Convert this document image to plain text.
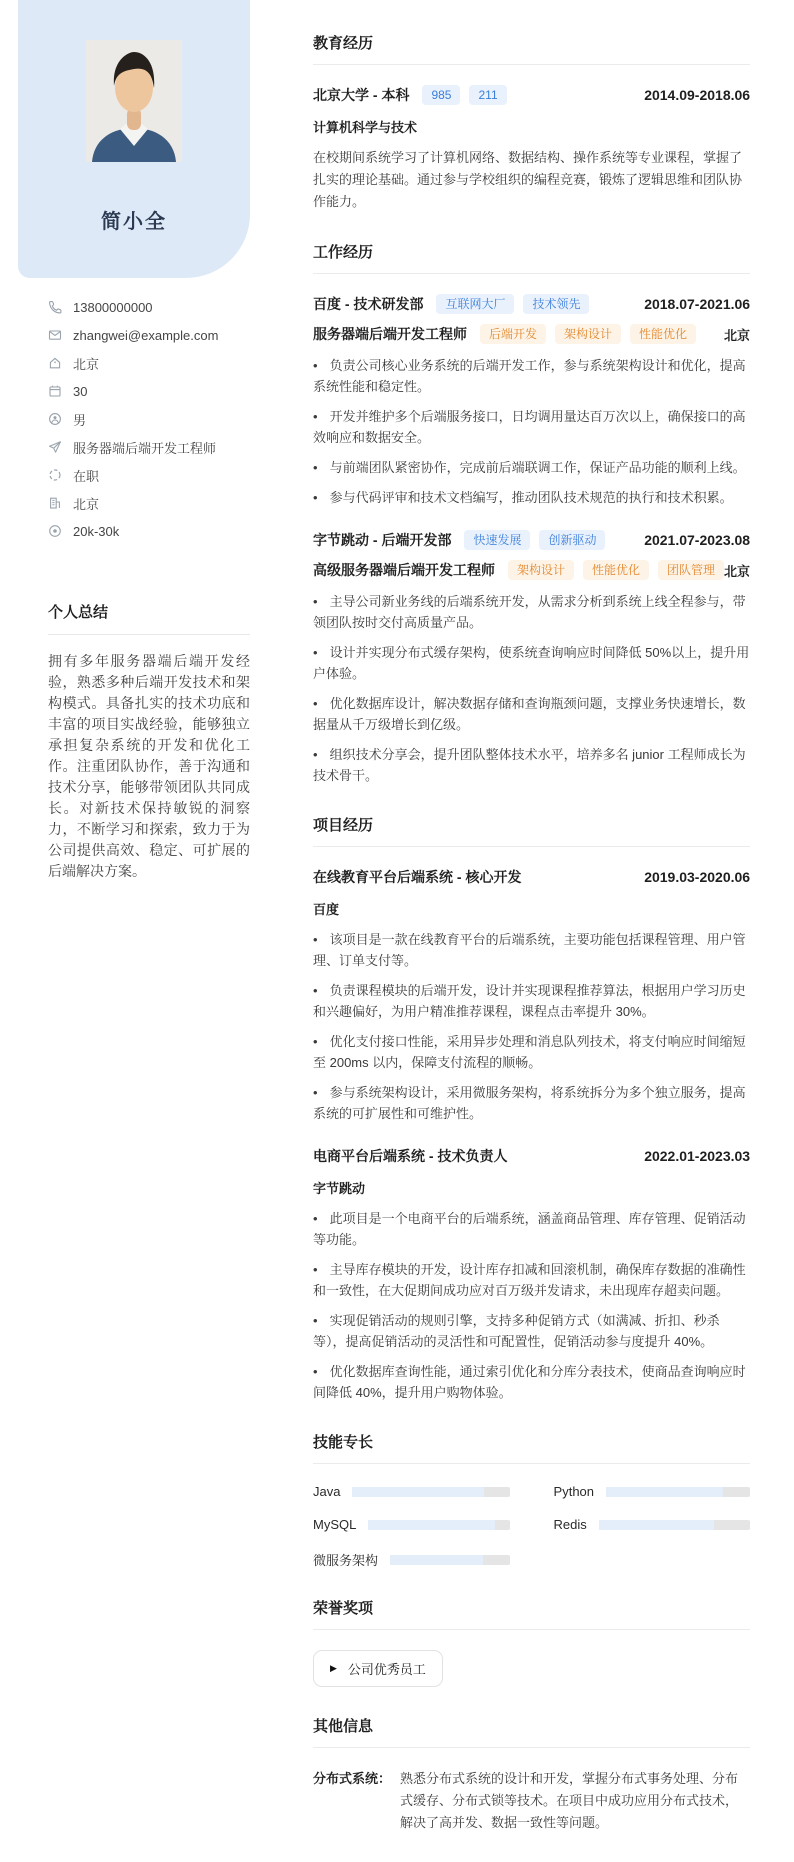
简小全
13800000000
zhangwei@example.com
北京
30
男
服务器端后端开发工程师
在职
北京
20k-30k
个人总结

拥有多年服务器端后端开发经验，熟悉多种后端开发技术和架构模式。具备扎实的技术功底和丰富的项目实战经验，能够独立承担复杂系统的开发和优化工作。注重团队协作，善于沟通和技术分享，能够带领团队共同成长。对新技术保持敏锐的洞察力，不断学习和探索，致力于为公司提供高效、稳定、可扩展的后端解决方案。

教育经历
北京大学 - 本科	985	211	2014.09-2018.06
计算机科学与技术

在校期间系统学习了计算机网络、数据结构、操作系统等专业课程，掌握了扎实的理论基础。通过参与学校组织的编程竞赛，锻炼了逻辑思维和团队协作能力。

工作经历
百度 - 技术研发部	互联网大厂	技术领先	2018.07-2021.06
服务器端后端开发工程师	后端开发	架构设计	性能优化	北京

• 负责公司核心业务系统的后端开发工作，参与系统架构设计和优化，提高系统性能和稳定性。

• 开发并维护多个后端服务接口，日均调用量达百万次以上，确保接口的高效响应和数据安全。

• 与前端团队紧密协作，完成前后端联调工作，保证产品功能的顺利上线。

• 参与代码评审和技术文档编写，推动团队技术规范的执行和技术积累。

字节跳动 - 后端开发部	快速发展	创新驱动	2021.07-2023.08
高级服务器端后端开发工程师	架构设计	性能优化	团队管理 北京

• 主导公司新业务线的后端系统开发，从需求分析到系统上线全程参与，带领团队按时交付高质量产品。

• 设计并实现分布式缓存架构，使系统查询响应时间降低 50%以上，提升用户体验。

• 优化数据库设计，解决数据存储和查询瓶颈问题，支撑业务快速增长，数据量从千万级增长到亿级。

• 组织技术分享会，提升团队整体技术水平，培养多名 junior 工程师成长为技术骨干。

项目经历
在线教育平台后端系统 - 核心开发	2019.03-2020.06
百度

• 该项目是一款在线教育平台的后端系统，主要功能包括课程管理、用户管理、订单支付等。

• 负责课程模块的后端开发，设计并实现课程推荐算法，根据用户学习历史和兴趣偏好，为用户精准推荐课程，课程点击率提升 30%。

• 优化支付接口性能，采用异步处理和消息队列技术，将支付响应时间缩短至 200ms 以内，保障支付流程的顺畅。

• 参与系统架构设计，采用微服务架构，将系统拆分为多个独立服务，提高系统的可扩展性和可维护性。

电商平台后端系统 - 技术负责人	2022.01-2023.03
字节跳动

• 此项目是一个电商平台的后端系统，涵盖商品管理、库存管理、促销活动等功能。

• 主导库存模块的开发，设计库存扣减和回滚机制，确保库存数据的准确性和一致性，在大促期间成功应对百万级并发请求，未出现库存超卖问题。

• 实现促销活动的规则引擎，支持多种促销方式（如满减、折扣、秒杀等），提高促销活动的灵活性和可配置性，促销活动参与度提升 40%。

• 优化数据库查询性能，通过索引优化和分库分表技术，使商品查询响应时间降低 40%，提升用户购物体验。

技能专长
Java	Python
MySQL	Redis
微服务架构
荣誉奖项
▶ 公司优秀员工
其他信息
分布式系统： 熟悉分布式系统的设计和开发，掌握分布式事务处理、分布式缓存、分布式锁等技术。在项目中成功应用分布式技术，解决了高并发、数据一致性等问题。
